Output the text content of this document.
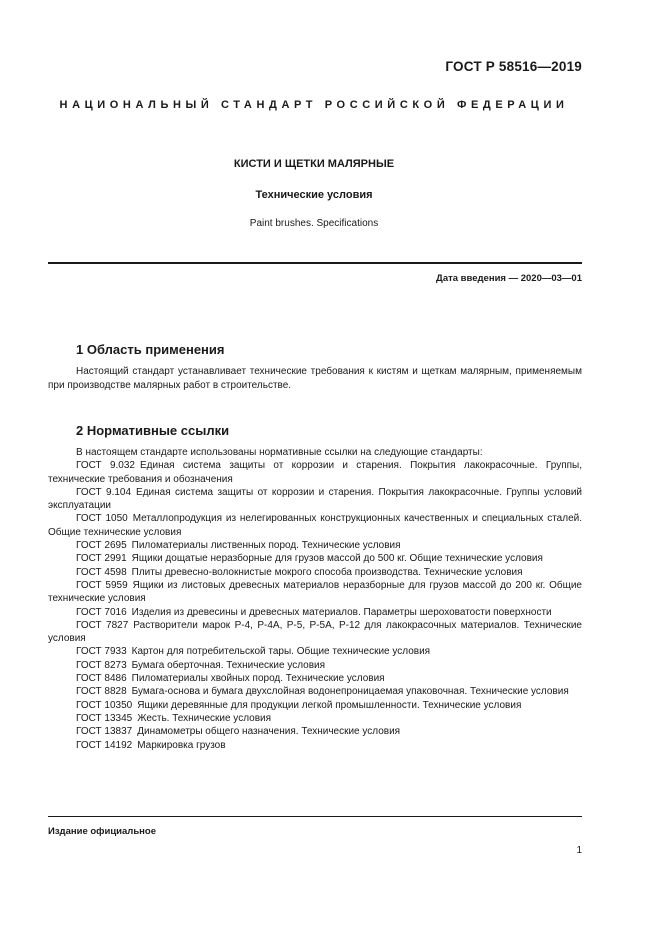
ГОСТ Р 58516—2019
НАЦИОНАЛЬНЫЙ СТАНДАРТ РОССИЙСКОЙ ФЕДЕРАЦИИ
КИСТИ И ЩЕТКИ МАЛЯРНЫЕ
Технические условия
Paint brushes. Specifications
Дата введения — 2020—03—01
1 Область применения
Настоящий стандарт устанавливает технические требования к кистям и щеткам малярным, применяемым при производстве малярных работ в строительстве.
2 Нормативные ссылки
В настоящем стандарте использованы нормативные ссылки на следующие стандарты:
ГОСТ 9.032 Единая система защиты от коррозии и старения. Покрытия лакокрасочные. Группы, технические требования и обозначения
ГОСТ 9.104 Единая система защиты от коррозии и старения. Покрытия лакокрасочные. Группы условий эксплуатации
ГОСТ 1050 Металлопродукция из нелегированных конструкционных качественных и специальных сталей. Общие технические условия
ГОСТ 2695 Пиломатериалы лиственных пород. Технические условия
ГОСТ 2991 Ящики дощатые неразборные для грузов массой до 500 кг. Общие технические условия
ГОСТ 4598 Плиты древесно-волокнистые мокрого способа производства. Технические условия
ГОСТ 5959 Ящики из листовых древесных материалов неразборные для грузов массой до 200 кг. Общие технические условия
ГОСТ 7016 Изделия из древесины и древесных материалов. Параметры шероховатости поверхности
ГОСТ 7827 Растворители марок Р-4, Р-4А, Р-5, Р-5А, Р-12 для лакокрасочных материалов. Технические условия
ГОСТ 7933 Картон для потребительской тары. Общие технические условия
ГОСТ 8273 Бумага оберточная. Технические условия
ГОСТ 8486 Пиломатериалы хвойных пород. Технические условия
ГОСТ 8828 Бумага-основа и бумага двухслойная водонепроницаемая упаковочная. Технические условия
ГОСТ 10350 Ящики деревянные для продукции легкой промышленности. Технические условия
ГОСТ 13345 Жесть. Технические условия
ГОСТ 13837 Динамометры общего назначения. Технические условия
ГОСТ 14192 Маркировка грузов
Издание официальное
1
